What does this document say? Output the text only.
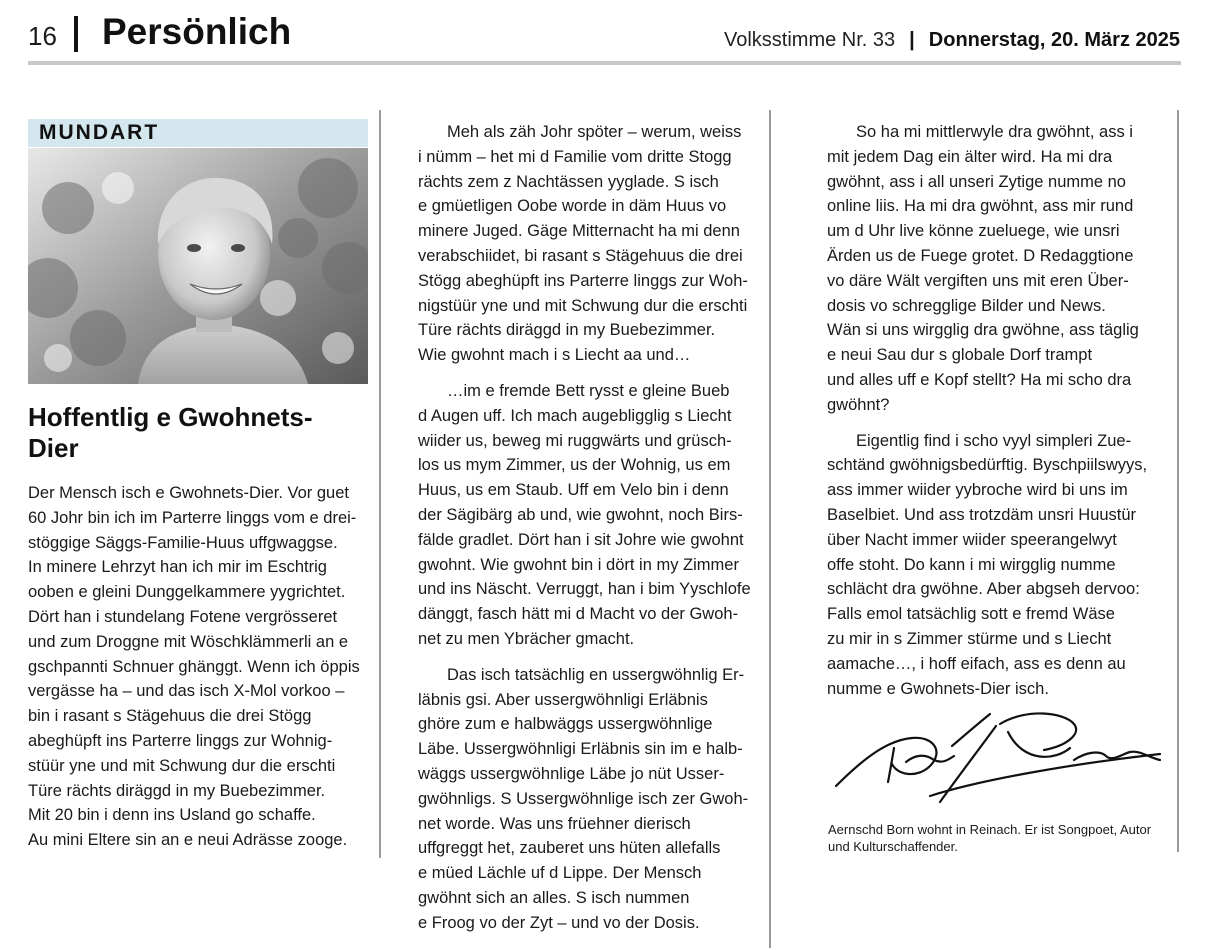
16 Persönlich	Volksstimme Nr. 33 | Donnerstag, 20. März 2025
MUNDART
Hoffentlig e Gwohnets-
Dier

Der Mensch isch e Gwohnets-Dier. Vor guet
60 Johr bin ich im Parterre linggs vom e drei-
stöggige Säggs-Familie-Huus uffgwaggse.
In minere Lehrzyt han ich mir im Eschtrig
ooben e gleini Dunggelkammere yygrichtet.
Dört han i stundelang Fotene vergrösseret
und zum Droggne mit Wöschklämmerli an e
gschpannti Schnuer ghänggt. Wenn ich öppis
vergässe ha – und das isch X-Mol vorkoo –
bin i rasant s Stägehuus die drei Stögg
abeghüpft ins Parterre linggs zur Wohnig-
stüür yne und mit Schwung dur die erschti
Türe rächts diräggd in my Buebezimmer.
Mit 20 bin i denn ins Usland go schaffe.
Au mini Eltere sin an e neui Adrässe zooge.

Meh als zäh Johr spöter – werum, weiss
i nümm – het mi d Familie vom dritte Stogg
rächts zem z Nachtässen yyglade. S isch
e gmüetligen Oobe worde in däm Huus vo
minere Juged. Gäge Mitternacht ha mi denn
verabschiidet, bi rasant s Stägehuus die drei
Stögg abeghüpft ins Parterre linggs zur Woh-
nigstüür yne und mit Schwung dur die erschti
Türe rächts diräggd in my Buebezimmer.
Wie gwohnt mach i s Liecht aa und…

…im e fremde Bett rysst e gleine Bueb
d Augen uff. Ich mach augebligglig s Liecht
wiider us, beweg mi ruggwärts und grüsch-
los us mym Zimmer, us der Wohnig, us em
Huus, us em Staub. Uff em Velo bin i denn
der Sägibärg ab und, wie gwohnt, noch Birs-
fälde gradlet. Dört han i sit Johre wie gwohnt
gwohnt. Wie gwohnt bin i dört in my Zimmer
und ins Näscht. Verruggt, han i bim Yyschlofe
dänggt, fasch hätt mi d Macht vo der Gwoh-
net zu men Ybrächer gmacht.

Das isch tatsächlig en ussergwöhnlig Er-
läbnis gsi. Aber ussergwöhnligi Erläbnis
ghöre zum e halbwäggs ussergwöhnlige
Läbe. Ussergwöhnligi Erläbnis sin im e halb-
wäggs ussergwöhnlige Läbe jo nüt Usser-
gwöhnligs. S Ussergwöhnlige isch zer Gwoh-
net worde. Was uns früehner dierisch
uffgreggt het, zauberet uns hüten allefalls
e müed Lächle uf d Lippe. Der Mensch
gwöhnt sich an alles. S isch nummen
e Froog vo der Zyt – und vo der Dosis.

So ha mi mittlerwyle dra gwöhnt, ass i
mit jedem Dag ein älter wird. Ha mi dra
gwöhnt, ass i all unseri Zytige numme no
online liis. Ha mi dra gwöhnt, ass mir rund
um d Uhr live könne zueluege, wie unsri
Ärden us de Fuege grotet. D Redaggtione
vo däre Wält vergiften uns mit eren Über-
dosis vo schregglige Bilder und News.
Wän si uns wirgglig dra gwöhne, ass täglig
e neui Sau dur s globale Dorf trampt
und alles uff e Kopf stellt? Ha mi scho dra
gwöhnt?

Eigentlig find i scho vyyl simpleri Zue-
schtänd gwöhnigsbedürftig. Byschpiilswyys,
ass immer wiider yybroche wird bi uns im
Baselbiet. Und ass trotzdäm unsri Huustür
über Nacht immer wiider speerangelwyt
offe stoht. Do kann i mi wirgglig numme
schlächt dra gwöhne. Aber abgseh dervoo:
Falls emol tatsächlig sott e fremd Wäse
zu mir in s Zimmer stürme und s Liecht
aamache…, i hoff eifach, ass es denn au
numme e Gwohnets-Dier isch.

Aernschd Born wohnt in Reinach. Er ist Songpoet, Autor
und Kulturschaffender.
